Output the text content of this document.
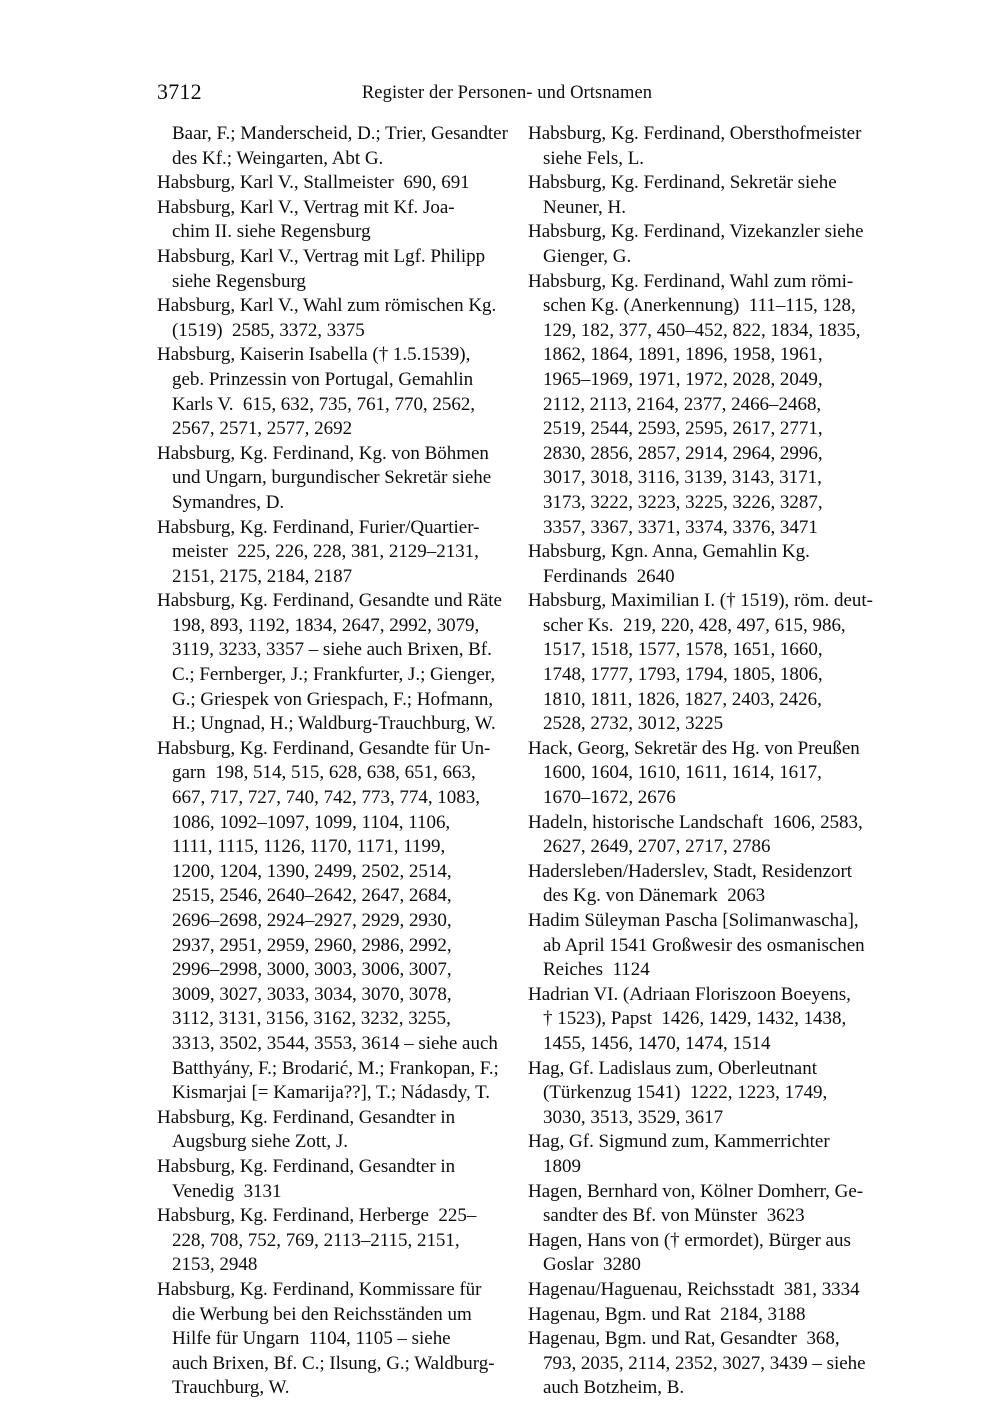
3712	Register der Personen- und Ortsnamen
Baar, F.; Manderscheid, D.; Trier, Gesandter
des Kf.; Weingarten, Abt G.
Habsburg, Karl V., Stallmeister  690, 691
Habsburg, Karl V., Vertrag mit Kf. Joa-
chim II. siehe Regensburg
Habsburg, Karl V., Vertrag mit Lgf. Philipp
siehe Regensburg
Habsburg, Karl V., Wahl zum römischen Kg.
(1519)  2585, 3372, 3375
Habsburg, Kaiserin Isabella († 1.5.1539),
geb. Prinzessin von Portugal, Gemahlin
Karls V.  615, 632, 735, 761, 770, 2562,
2567, 2571, 2577, 2692
Habsburg, Kg. Ferdinand, Kg. von Böhmen
und Ungarn, burgundischer Sekretär siehe
Symandres, D.
Habsburg, Kg. Ferdinand, Furier/Quartier-
meister  225, 226, 228, 381, 2129–2131,
2151, 2175, 2184, 2187
Habsburg, Kg. Ferdinand, Gesandte und Räte
198, 893, 1192, 1834, 2647, 2992, 3079,
3119, 3233, 3357 – siehe auch Brixen, Bf.
C.; Fernberger, J.; Frankfurter, J.; Gienger,
G.; Griespek von Griespach, F.; Hofmann,
H.; Ungnad, H.; Waldburg-Trauchburg, W.
Habsburg, Kg. Ferdinand, Gesandte für Un-
garn  198, 514, 515, 628, 638, 651, 663,
667, 717, 727, 740, 742, 773, 774, 1083,
1086, 1092–1097, 1099, 1104, 1106,
1111, 1115, 1126, 1170, 1171, 1199,
1200, 1204, 1390, 2499, 2502, 2514,
2515, 2546, 2640–2642, 2647, 2684,
2696–2698, 2924–2927, 2929, 2930,
2937, 2951, 2959, 2960, 2986, 2992,
2996–2998, 3000, 3003, 3006, 3007,
3009, 3027, 3033, 3034, 3070, 3078,
3112, 3131, 3156, 3162, 3232, 3255,
3313, 3502, 3544, 3553, 3614 – siehe auch
Batthyány, F.; Brodarić, M.; Frankopan, F.;
Kismarjai [= Kamarija??], T.; Nádasdy, T.
Habsburg, Kg. Ferdinand, Gesandter in
Augsburg siehe Zott, J.
Habsburg, Kg. Ferdinand, Gesandter in
Venedig  3131
Habsburg, Kg. Ferdinand, Herberge  225–
228, 708, 752, 769, 2113–2115, 2151,
2153, 2948
Habsburg, Kg. Ferdinand, Kommissare für
die Werbung bei den Reichsständen um
Hilfe für Ungarn  1104, 1105 – siehe
auch Brixen, Bf. C.; Ilsung, G.; Waldburg-
Trauchburg, W.
Habsburg, Kg. Ferdinand, Obersthofmeister
siehe Fels, L.
Habsburg, Kg. Ferdinand, Sekretär siehe
Neuner, H.
Habsburg, Kg. Ferdinand, Vizekanzler siehe
Gienger, G.
Habsburg, Kg. Ferdinand, Wahl zum römi-
schen Kg. (Anerkennung)  111–115, 128,
129, 182, 377, 450–452, 822, 1834, 1835,
1862, 1864, 1891, 1896, 1958, 1961,
1965–1969, 1971, 1972, 2028, 2049,
2112, 2113, 2164, 2377, 2466–2468,
2519, 2544, 2593, 2595, 2617, 2771,
2830, 2856, 2857, 2914, 2964, 2996,
3017, 3018, 3116, 3139, 3143, 3171,
3173, 3222, 3223, 3225, 3226, 3287,
3357, 3367, 3371, 3374, 3376, 3471
Habsburg, Kgn. Anna, Gemahlin Kg.
Ferdinands  2640
Habsburg, Maximilian I. († 1519), röm. deut-
scher Ks.  219, 220, 428, 497, 615, 986,
1517, 1518, 1577, 1578, 1651, 1660,
1748, 1777, 1793, 1794, 1805, 1806,
1810, 1811, 1826, 1827, 2403, 2426,
2528, 2732, 3012, 3225
Hack, Georg, Sekretär des Hg. von Preußen
1600, 1604, 1610, 1611, 1614, 1617,
1670–1672, 2676
Hadeln, historische Landschaft  1606, 2583,
2627, 2649, 2707, 2717, 2786
Hadersleben/Haderslev, Stadt, Residenzort
des Kg. von Dänemark  2063
Hadim Süleyman Pascha [Solimanwascha],
ab April 1541 Großwesir des osmanischen
Reiches  1124
Hadrian VI. (Adriaan Floriszoon Boeyens,
† 1523), Papst  1426, 1429, 1432, 1438,
1455, 1456, 1470, 1474, 1514
Hag, Gf. Ladislaus zum, Oberleutnant
(Türkenzug 1541)  1222, 1223, 1749,
3030, 3513, 3529, 3617
Hag, Gf. Sigmund zum, Kammerrichter
1809
Hagen, Bernhard von, Kölner Domherr, Ge-
sandter des Bf. von Münster  3623
Hagen, Hans von († ermordet), Bürger aus
Goslar  3280
Hagenau/Haguenau, Reichsstadt  381, 3334
Hagenau, Bgm. und Rat  2184, 3188
Hagenau, Bgm. und Rat, Gesandter  368,
793, 2035, 2114, 2352, 3027, 3439 – siehe
auch Botzheim, B.
